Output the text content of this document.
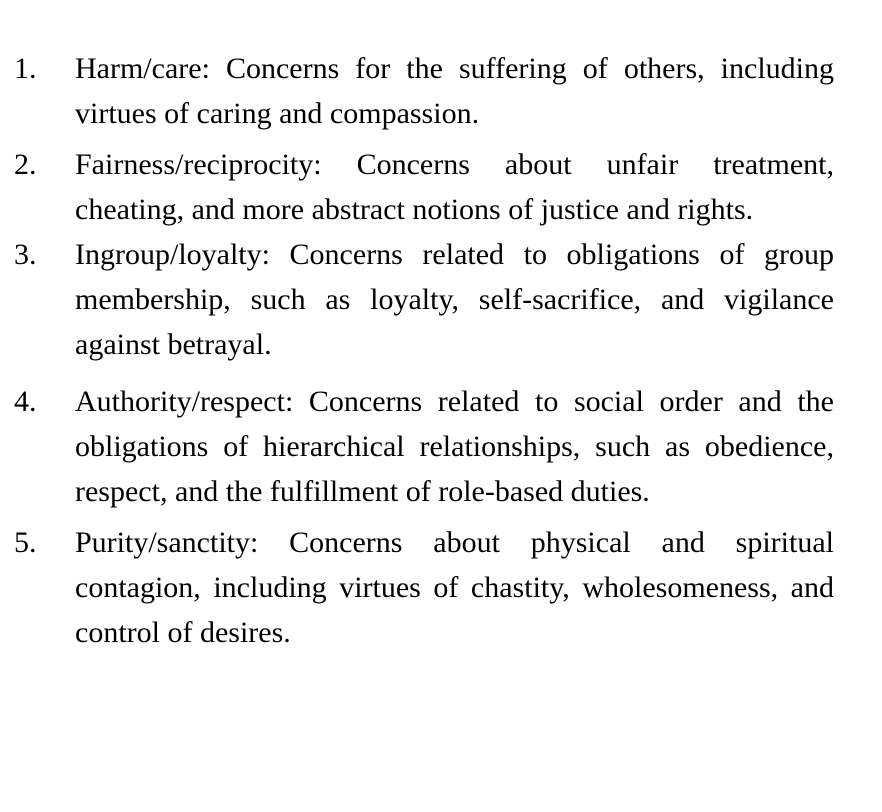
1.	Harm/care: Concerns for the suffering of others, including virtues of caring and compassion.
2.	Fairness/reciprocity: Concerns about unfair treatment, cheating, and more abstract notions of justice and rights.
3.	Ingroup/loyalty: Concerns related to obligations of group membership, such as loyalty, self-sacrifice, and vigilance against betrayal.
4.	Authority/respect: Concerns related to social order and the obligations of hierarchical relationships, such as obedience, respect, and the fulfillment of role-based duties.
5.	Purity/sanctity: Concerns about physical and spiritual contagion, including virtues of chastity, wholesomeness, and control of desires.
